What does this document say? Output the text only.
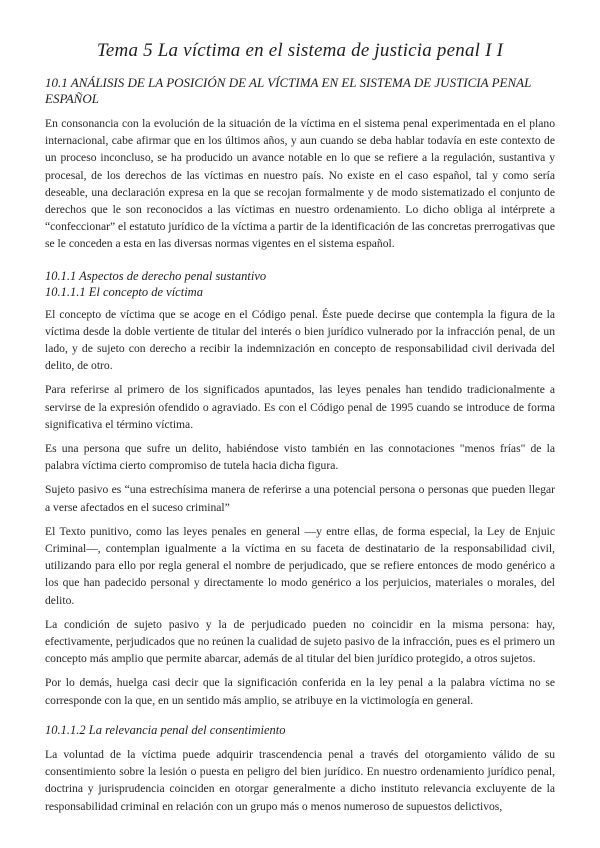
Tema 5 La víctima en el sistema de justicia penal I I
10.1 ANÁLISIS DE LA POSICIÓN DE AL VÍCTIMA EN EL SISTEMA DE JUSTICIA PENAL ESPAÑOL

En consonancia con la evolución de la situación de la víctima en el sistema penal experimentada en el plano internacional, cabe afirmar que en los últimos años, y aun cuando se deba hablar todavía en este contexto de un proceso inconcluso, se ha producido un avance notable en lo que se refiere a la regulación, sustantiva y procesal, de los derechos de las víctimas en nuestro país. No existe en el caso español, tal y como sería deseable, una declaración expresa en la que se recojan formalmente y de modo sistematizado el conjunto de derechos que le son reconocidos a las víctimas en nuestro ordenamiento. Lo dicho obliga al intérprete a “confeccionar” el estatuto jurídico de la víctima a partir de la identificación de las concretas prerrogativas que se le conceden a esta en las diversas normas vigentes en el sistema español.

10.1.1 Aspectos de derecho penal sustantivo
10.1.1.1 El concepto de víctima

El concepto de víctima que se acoge en el Código penal. Éste puede decirse que contempla la figura de la víctima desde la doble vertiente de titular del interés o bien jurídico vulnerado por la infracción penal, de un lado, y de sujeto con derecho a recibir la indemnización en concepto de responsabilidad civil derivada del delito, de otro.

Para referirse al primero de los significados apuntados, las leyes penales han tendido tradicionalmente a servirse de la expresión ofendido o agraviado. Es con el Código penal de 1995 cuando se introduce de forma significativa el término víctima.

Es una persona que sufre un delito, habiéndose visto también en las connotaciones "menos frías" de la palabra víctima cierto compromiso de tutela hacia dicha figura.

Sujeto pasivo es “una estrechísima manera de referirse a una potencial persona o personas que pueden llegar a verse afectados en el suceso criminal”

El Texto punitivo, como las leyes penales en general —y entre ellas, de forma especial, la Ley de Enjuic Criminal—, contemplan igualmente a la víctima en su faceta de destinatario de la responsabilidad civil, utilizando para ello por regla general el nombre de perjudicado, que se refiere entonces de modo genérico a los que han padecido personal y directamente lo modo genérico a los perjuicios, materiales o morales, del delito.

La condición de sujeto pasivo y la de perjudicado pueden no coincidir en la misma persona: hay, efectivamente, perjudicados que no reúnen la cualidad de sujeto pasivo de la infracción, pues es el primero un concepto más amplio que permite abarcar, además de al titular del bien jurídico protegido, a otros sujetos.

Por lo demás, huelga casi decir que la significación conferida en la ley penal a la palabra víctima no se corresponde con la que, en un sentido más amplio, se atribuye en la victimología en general.

10.1.1.2 La relevancia penal del consentimiento

La voluntad de la víctima puede adquirir trascendencia penal a través del otorgamiento válido de su consentimiento sobre la lesión o puesta en peligro del bien jurídico. En nuestro ordenamiento jurídico penal, doctrina y jurisprudencia coinciden en otorgar generalmente a dicho instituto relevancia excluyente de la responsabilidad criminal en relación con un grupo más o menos numeroso de supuestos delictivos,
